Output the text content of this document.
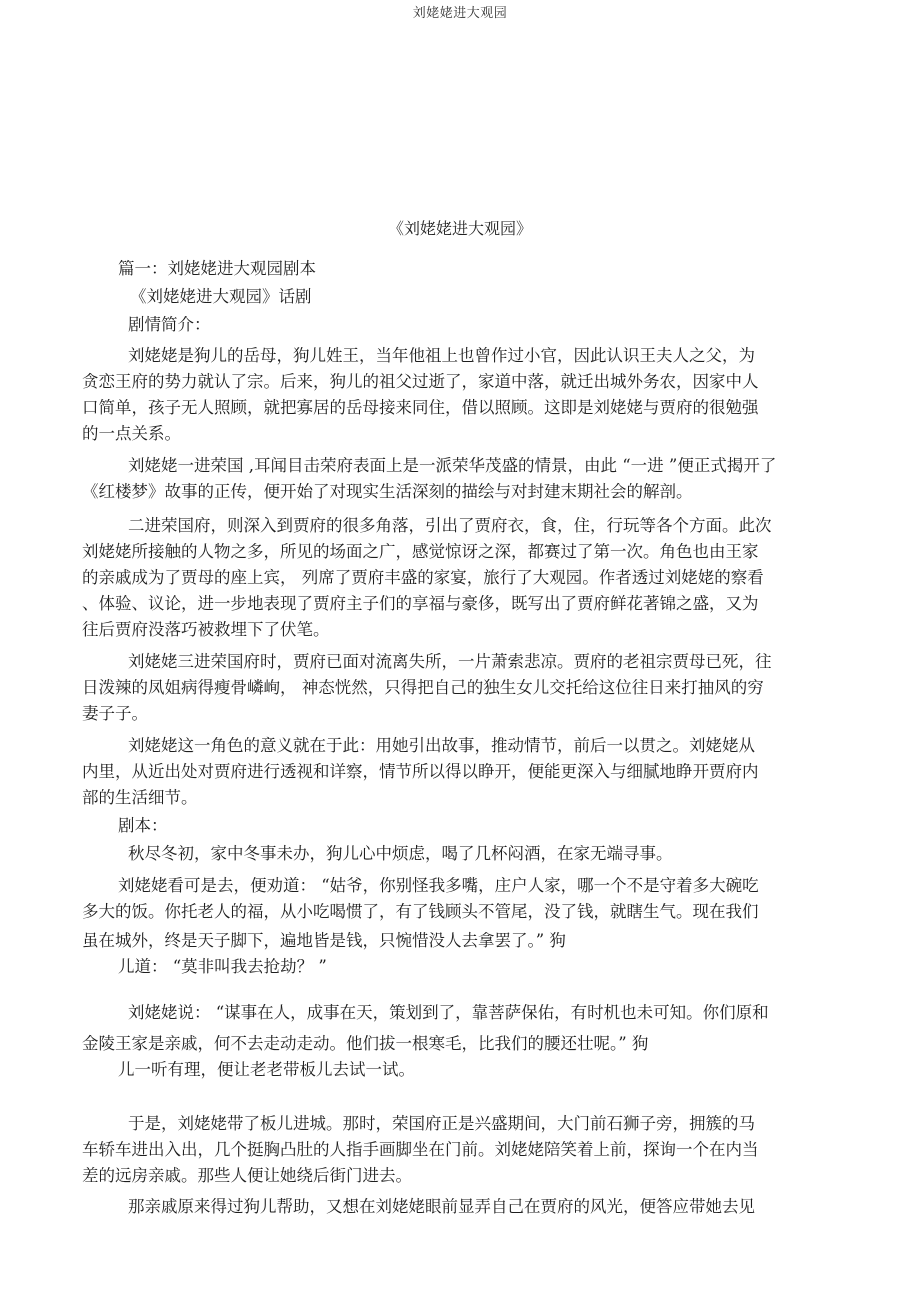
刘姥姥进大观园
《刘姥姥进大观园》
篇一：刘姥姥进大观园剧本
《刘姥姥进大观园》话剧
剧情简介：
刘姥姥是狗儿的岳母，狗儿姓王，当年他祖上也曾作过小官，因此认识王夫人之父，为
贪恋王府的势力就认了宗。后来，狗儿的祖父过逝了，家道中落，就迁出城外务农，因家中人
口简单，孩子无人照顾，就把寡居的岳母接来同住，借以照顾。这即是刘姥姥与贾府的很勉强
的一点关系。
刘姥姥一进荣国 ,耳闻目击荣府表面上是一派荣华茂盛的情景，由此 “一进 ”便正式揭开了
《红楼梦》故事的正传，便开始了对现实生活深刻的描绘与对封建末期社会的解剖。
二进荣国府，则深入到贾府的很多角落，引出了贾府衣，食，住，行玩等各个方面。此次
刘姥姥所接触的人物之多，所见的场面之广，感觉惊讶之深，都赛过了第一次。角色也由王家
的亲戚成为了贾母的座上宾， 列席了贾府丰盛的家宴，旅行了大观园。作者透过刘姥姥的察看
、体验、议论，进一步地表现了贾府主子们的享福与豪侈，既写出了贾府鲜花著锦之盛，又为
往后贾府没落巧被救埋下了伏笔。
刘姥姥三进荣国府时，贾府已面对流离失所，一片萧索悲凉。贾府的老祖宗贾母已死，往
日泼辣的凤姐病得瘦骨嶙峋， 神态恍然，只得把自己的独生女儿交托给这位往日来打抽风的穷
妻子子。
刘姥姥这一角色的意义就在于此：用她引出故事，推动情节，前后一以贯之。刘姥姥从
内里，从近出处对贾府进行透视和详察，情节所以得以睁开，便能更深入与细腻地睁开贾府内
部的生活细节。
剧本：
秋尽冬初，家中冬事未办，狗儿心中烦虑，喝了几杯闷酒，在家无端寻事。
刘姥姥看可是去，便劝道： “姑爷，你别怪我多嘴，庄户人家，哪一个不是守着多大碗吃
多大的饭。你托老人的福，从小吃喝惯了，有了钱顾头不管尾，没了钱，就瞎生气。现在我们
虽在城外，终是天子脚下，遍地皆是钱，只惋惜没人去拿罢了。” 狗
儿道： “莫非叫我去抢劫？ ”
刘姥姥说： “谋事在人，成事在天，策划到了，靠菩萨保佑，有时机也未可知。你们原和
金陵王家是亲戚，何不去走动走动。他们拔一根寒毛，比我们的腰还壮呢。” 狗
儿一听有理，便让老老带板儿去试一试。
于是，刘姥姥带了板儿进城。那时，荣国府正是兴盛期间，大门前石狮子旁，拥簇的马
车轿车进出入出，几个挺胸凸肚的人指手画脚坐在门前。刘姥姥陪笑着上前，探询一个在内当
差的远房亲戚。那些人便让她绕后街门进去。
那亲戚原来得过狗儿帮助，又想在刘姥姥眼前显弄自己在贾府的风光，便答应带她去见
